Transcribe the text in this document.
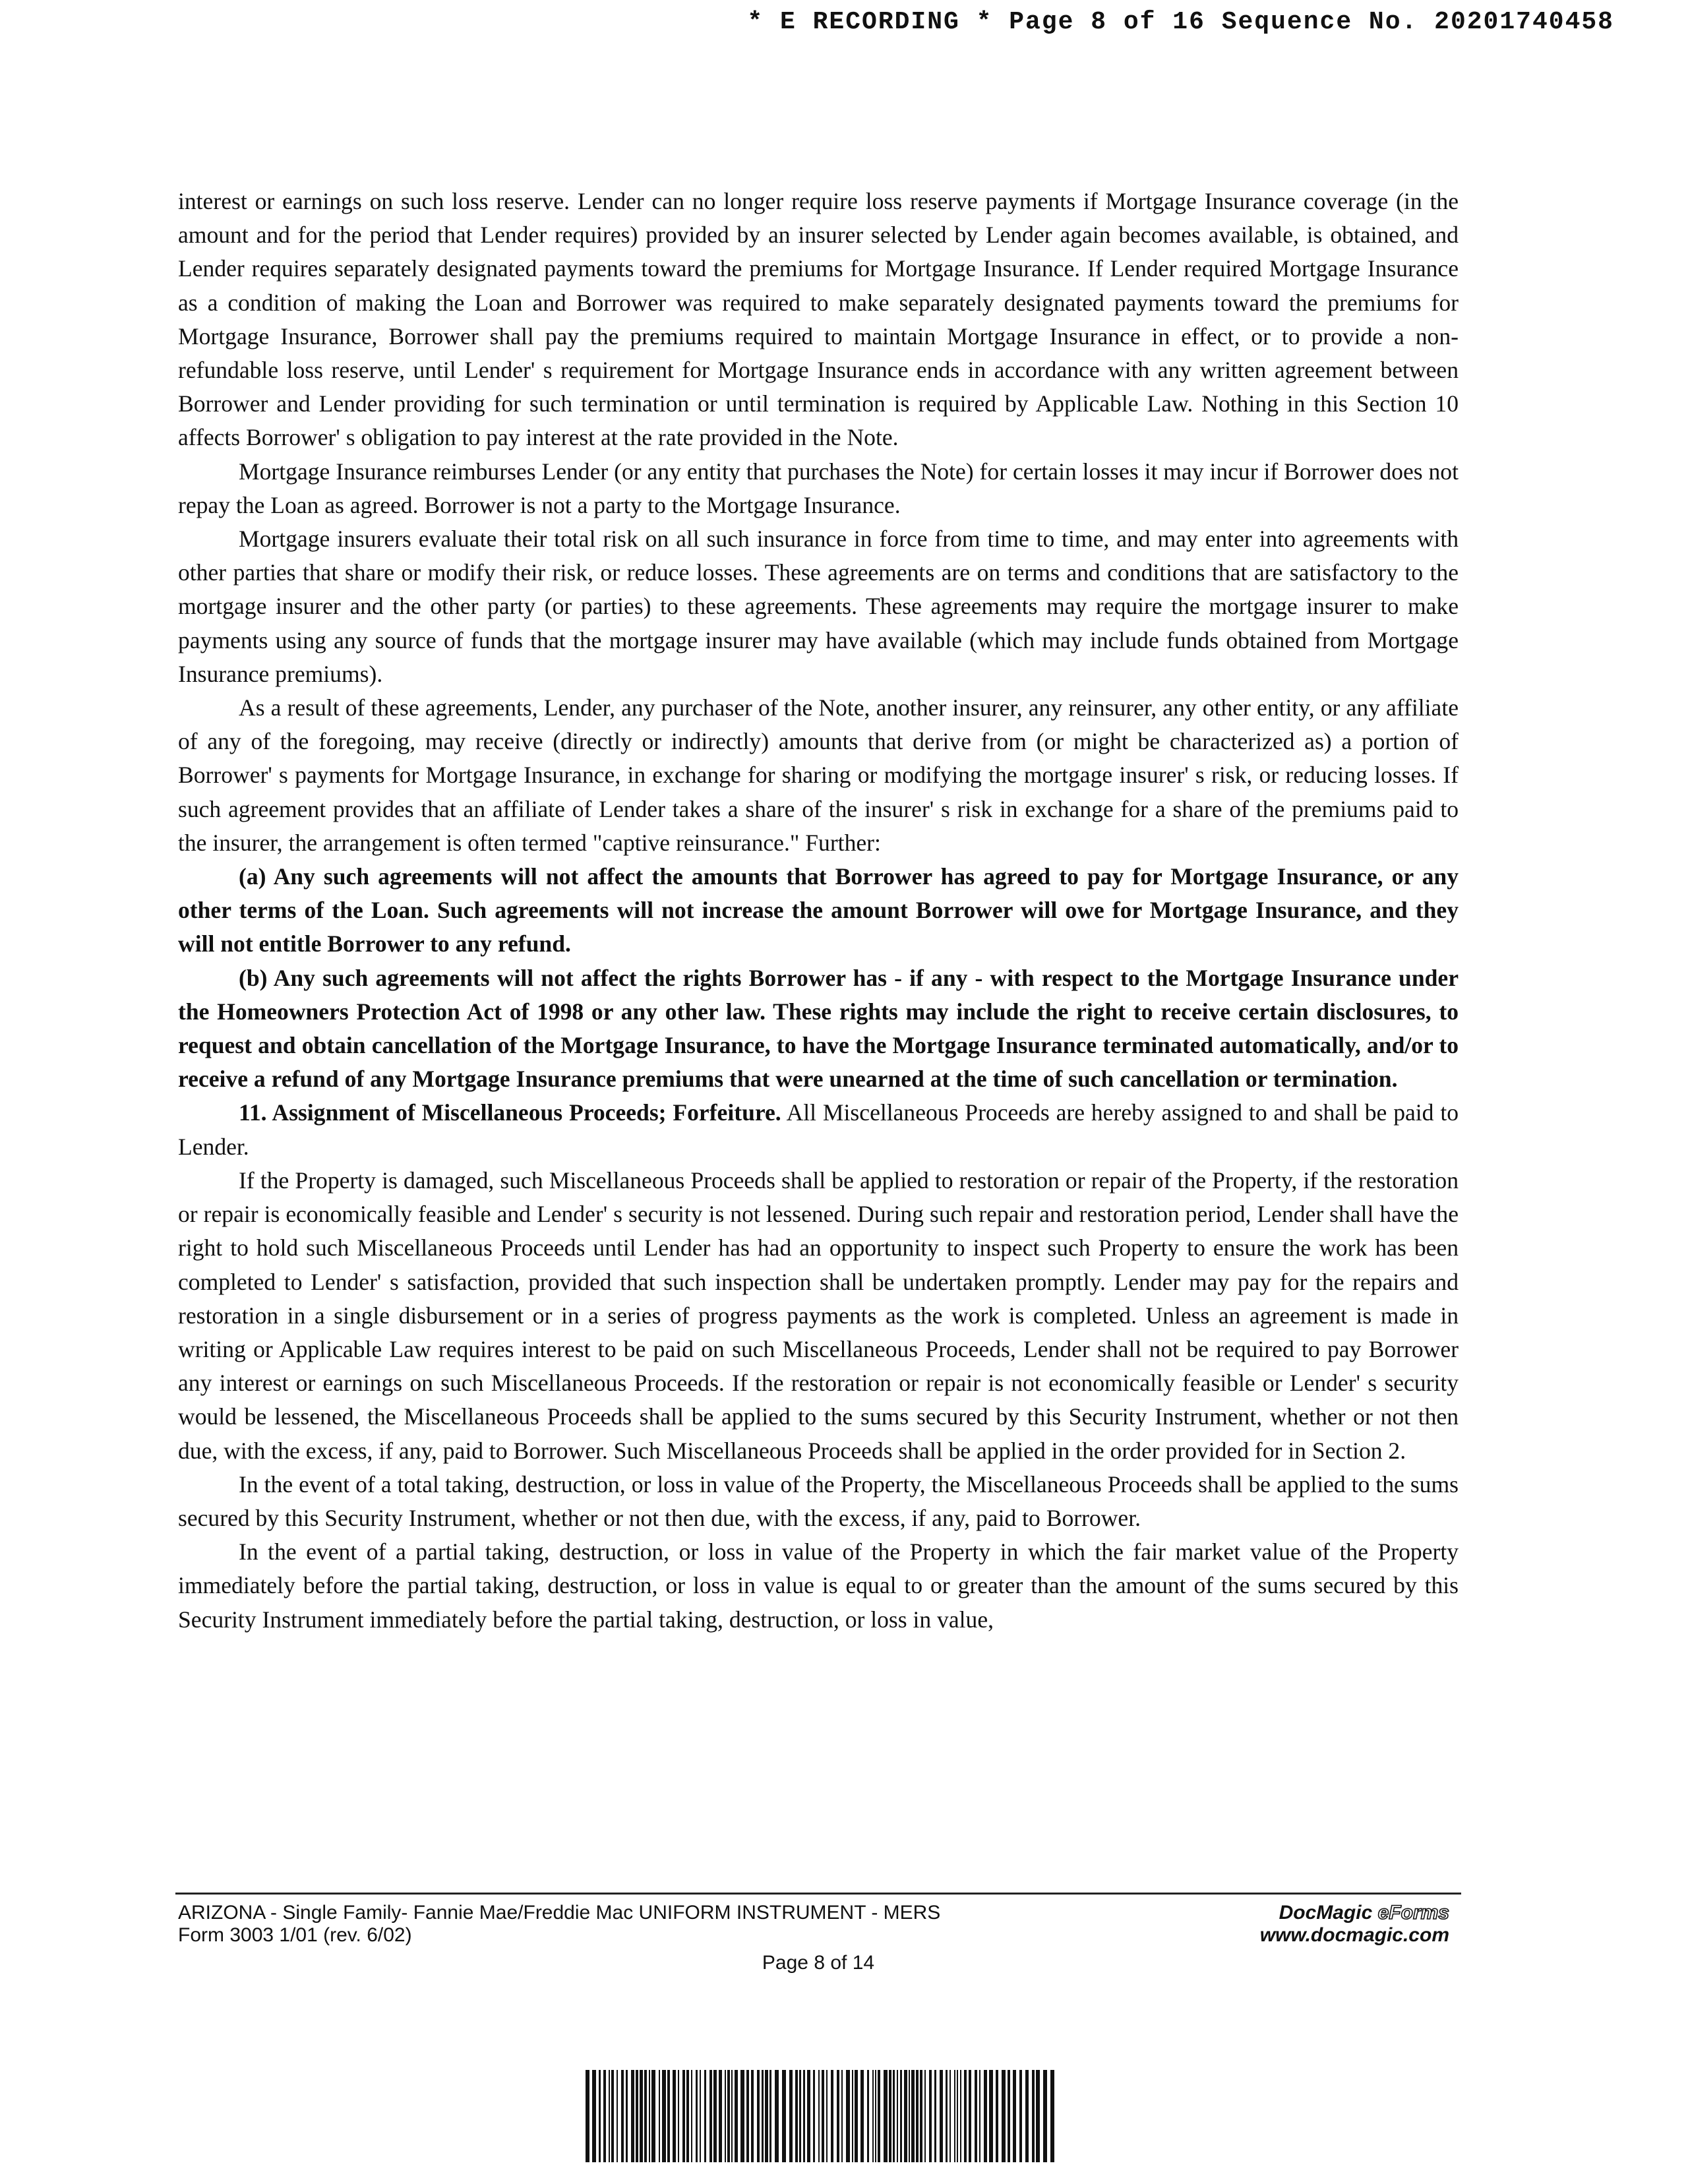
* E RECORDING * Page 8 of 16 Sequence No. 20201740458

interest or earnings on such loss reserve. Lender can no longer require loss reserve payments if Mortgage Insurance coverage (in the amount and for the period that Lender requires) provided by an insurer selected by Lender again becomes available, is obtained, and Lender requires separately designated payments toward the premiums for Mortgage Insurance. If Lender required Mortgage Insurance as a condition of making the Loan and Borrower was required to make separately designated payments toward the premiums for Mortgage Insurance, Borrower shall pay the premiums required to maintain Mortgage Insurance in effect, or to provide a non-refundable loss reserve, until Lender' s requirement for Mortgage Insurance ends in accordance with any written agreement between Borrower and Lender providing for such termination or until termination is required by Applicable Law. Nothing in this Section 10 affects Borrower' s obligation to pay interest at the rate provided in the Note.

Mortgage Insurance reimburses Lender (or any entity that purchases the Note) for certain losses it may incur if Borrower does not repay the Loan as agreed. Borrower is not a party to the Mortgage Insurance.

Mortgage insurers evaluate their total risk on all such insurance in force from time to time, and may enter into agreements with other parties that share or modify their risk, or reduce losses. These agreements are on terms and conditions that are satisfactory to the mortgage insurer and the other party (or parties) to these agreements. These agreements may require the mortgage insurer to make payments using any source of funds that the mortgage insurer may have available (which may include funds obtained from Mortgage Insurance premiums).

As a result of these agreements, Lender, any purchaser of the Note, another insurer, any reinsurer, any other entity, or any affiliate of any of the foregoing, may receive (directly or indirectly) amounts that derive from (or might be characterized as) a portion of Borrower' s payments for Mortgage Insurance, in exchange for sharing or modifying the mortgage insurer' s risk, or reducing losses. If such agreement provides that an affiliate of Lender takes a share of the insurer' s risk in exchange for a share of the premiums paid to the insurer, the arrangement is often termed "captive reinsurance." Further:

(a) Any such agreements will not affect the amounts that Borrower has agreed to pay for Mortgage Insurance, or any other terms of the Loan. Such agreements will not increase the amount Borrower will owe for Mortgage Insurance, and they will not entitle Borrower to any refund.

(b) Any such agreements will not affect the rights Borrower has - if any - with respect to the Mortgage Insurance under the Homeowners Protection Act of 1998 or any other law. These rights may include the right to receive certain disclosures, to request and obtain cancellation of the Mortgage Insurance, to have the Mortgage Insurance terminated automatically, and/or to receive a refund of any Mortgage Insurance premiums that were unearned at the time of such cancellation or termination.

11. Assignment of Miscellaneous Proceeds; Forfeiture. All Miscellaneous Proceeds are hereby assigned to and shall be paid to Lender.

If the Property is damaged, such Miscellaneous Proceeds shall be applied to restoration or repair of the Property, if the restoration or repair is economically feasible and Lender' s security is not lessened. During such repair and restoration period, Lender shall have the right to hold such Miscellaneous Proceeds until Lender has had an opportunity to inspect such Property to ensure the work has been completed to Lender' s satisfaction, provided that such inspection shall be undertaken promptly. Lender may pay for the repairs and restoration in a single disbursement or in a series of progress payments as the work is completed. Unless an agreement is made in writing or Applicable Law requires interest to be paid on such Miscellaneous Proceeds, Lender shall not be required to pay Borrower any interest or earnings on such Miscellaneous Proceeds. If the restoration or repair is not economically feasible or Lender' s security would be lessened, the Miscellaneous Proceeds shall be applied to the sums secured by this Security Instrument, whether or not then due, with the excess, if any, paid to Borrower. Such Miscellaneous Proceeds shall be applied in the order provided for in Section 2.

In the event of a total taking, destruction, or loss in value of the Property, the Miscellaneous Proceeds shall be applied to the sums secured by this Security Instrument, whether or not then due, with the excess, if any, paid to Borrower.

In the event of a partial taking, destruction, or loss in value of the Property in which the fair market value of the Property immediately before the partial taking, destruction, or loss in value is equal to or greater than the amount of the sums secured by this Security Instrument immediately before the partial taking, destruction, or loss in value,

ARIZONA - Single Family- Fannie Mae/Freddie Mac UNIFORM INSTRUMENT - MERS
Form 3003 1/01 (rev. 6/02)
DocMagic eForms
www.docmagic.com
Page 8 of 14
